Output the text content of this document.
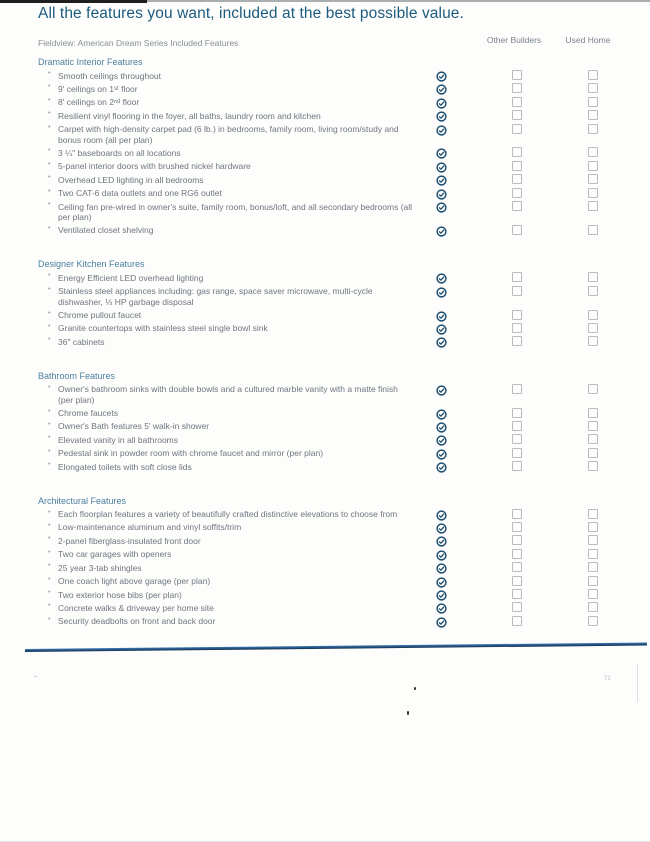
All the features you want, included at the best possible value.
Fieldview: American Dream Series Included Features	Other Builders	Used Home
Dramatic Interior Features
• Smooth ceilings throughout
• 9' ceilings on 1ˢᵗ floor
• 8' ceilings on 2ⁿᵈ floor
• Resilient vinyl flooring in the foyer, all baths, laundry room and kitchen
• Carpet with high-density carpet pad (6 lb.) in bedrooms, family room, living room/study and bonus room (all per plan)
• 3 ¼" baseboards on all locations
• 5-panel interior doors with brushed nickel hardware
• Overhead LED lighting in all bedrooms
• Two CAT-6 data outlets and one RG6 outlet
• Ceiling fan pre-wired in owner's suite, family room, bonus/loft, and all secondary bedrooms (all per plan)
• Ventilated closet shelving
Designer Kitchen Features
• Energy Efficient LED overhead lighting
• Stainless steel appliances including: gas range, space saver microwave, multi-cycle dishwasher, ⅓ HP garbage disposal
• Chrome pullout faucet
• Granite countertops with stainless steel single bowl sink
• 36" cabinets
Bathroom Features
• Owner's bathroom sinks with double bowls and a cultured marble vanity with a matte finish (per plan)
• Chrome faucets
• Owner's Bath features 5' walk-in shower
• Elevated vanity in all bathrooms
• Pedestal sink in powder room with chrome faucet and mirror (per plan)
• Elongated toilets with soft close lids
Architectural Features
• Each floorplan features a variety of beautifully crafted distinctive elevations to choose from
• Low-maintenance aluminum and vinyl soffits/trim
• 2-panel fiberglass-insulated front door
• Two car garages with openers
• 25 year 3-tab shingles
• One coach light above garage (per plan)
• Two exterior hose bibs (per plan)
• Concrete walks & driveway per home site
• Security deadbolts on front and back door
71
